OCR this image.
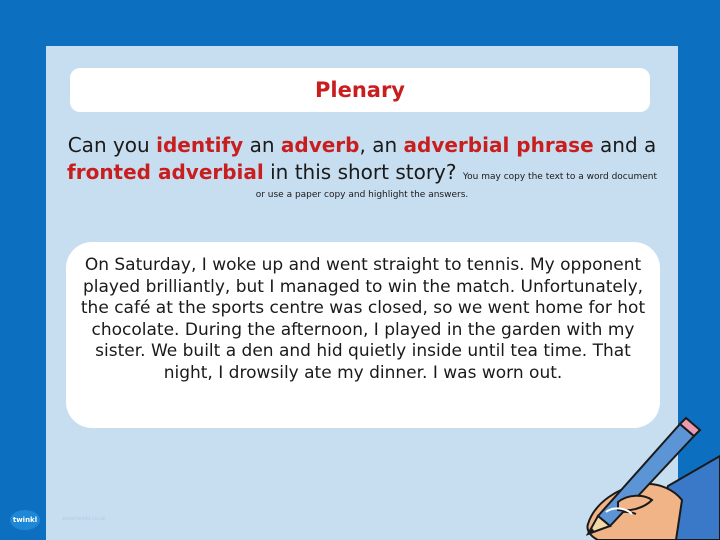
Plenary
Can you identify an adverb, an adverbial phrase and a
fronted adverbial in this short story? You may copy the text to a word document
or use a paper copy and highlight the answers.
On Saturday, I woke up and went straight to tennis. My opponent played brilliantly, but I managed to win the match. Unfortunately, the café at the sports centre was closed, so we went home for hot chocolate. During the afternoon, I played in the garden with my sister. We built a den and hid quietly inside until tea time. That night, I drowsily ate my dinner. I was worn out.
twinkl	www.twinkl.co.uk
